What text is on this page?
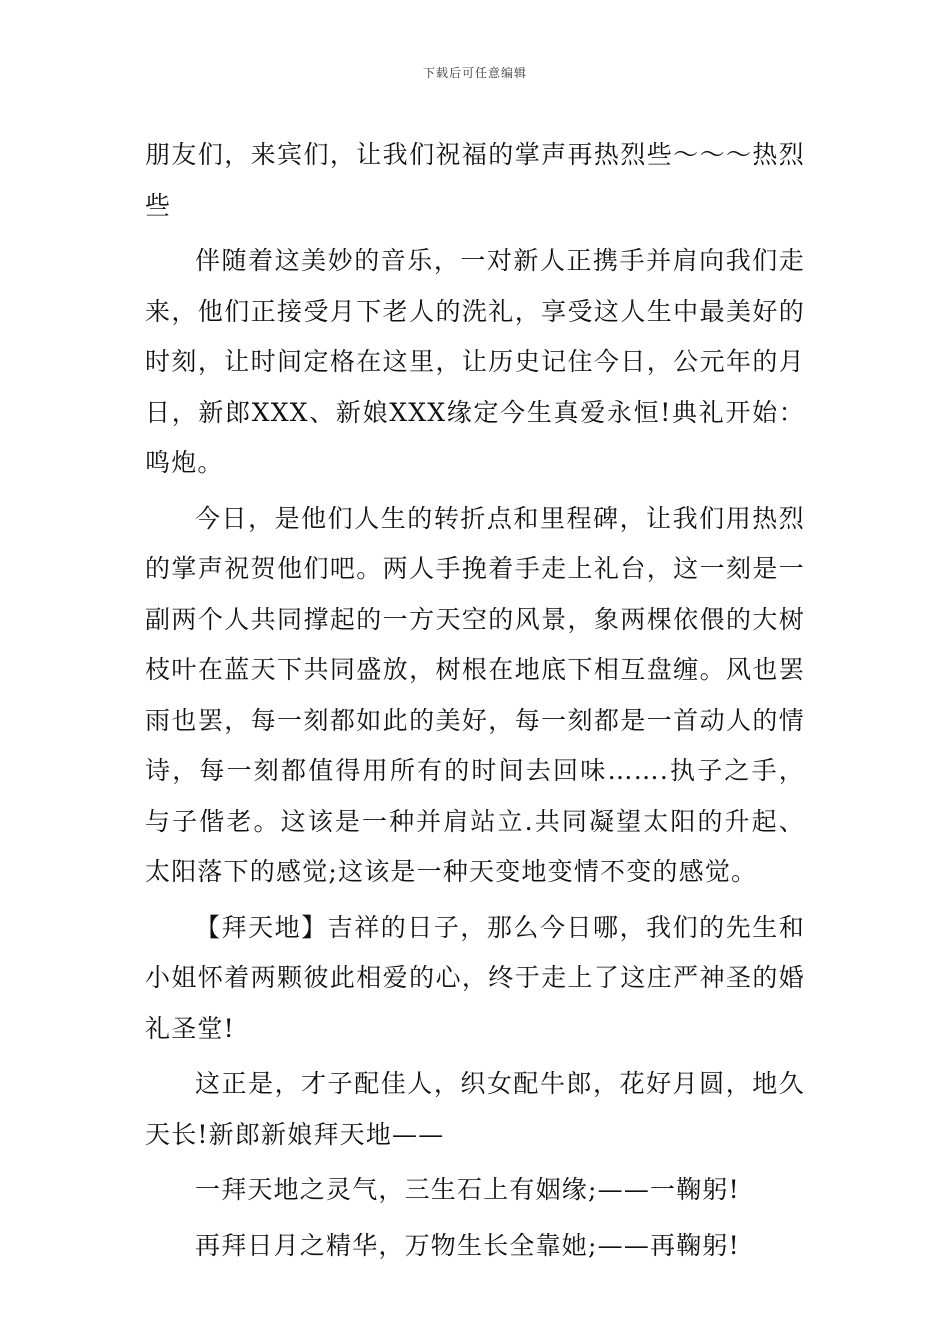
下载后可任意编辑

朋友们，来宾们，让我们祝福的掌声再热烈些～～～热烈些

伴随着这美妙的音乐，一对新人正携手并肩向我们走来，他们正接受月下老人的洗礼，享受这人生中最美好的时刻，让时间定格在这里，让历史记住今日，公元年的月日，新郎XXX、新娘XXX缘定今生真爱永恒!典礼开始：鸣炮。

今日，是他们人生的转折点和里程碑，让我们用热烈的掌声祝贺他们吧。两人手挽着手走上礼台，这一刻是一副两个人共同撑起的一方天空的风景，象两棵依偎的大树枝叶在蓝天下共同盛放，树根在地底下相互盘缠。风也罢雨也罢，每一刻都如此的美好，每一刻都是一首动人的情诗，每一刻都值得用所有的时间去回味…….执子之手，与子偕老。这该是一种并肩站立.共同凝望太阳的升起、太阳落下的感觉;这该是一种天变地变情不变的感觉。

【拜天地】吉祥的日子，那么今日哪，我们的先生和小姐怀着两颗彼此相爱的心，终于走上了这庄严神圣的婚礼圣堂!

这正是，才子配佳人，织女配牛郎，花好月圆，地久天长!新郎新娘拜天地——

一拜天地之灵气，三生石上有姻缘;——一鞠躬!

再拜日月之精华，万物生长全靠她;——再鞠躬!
